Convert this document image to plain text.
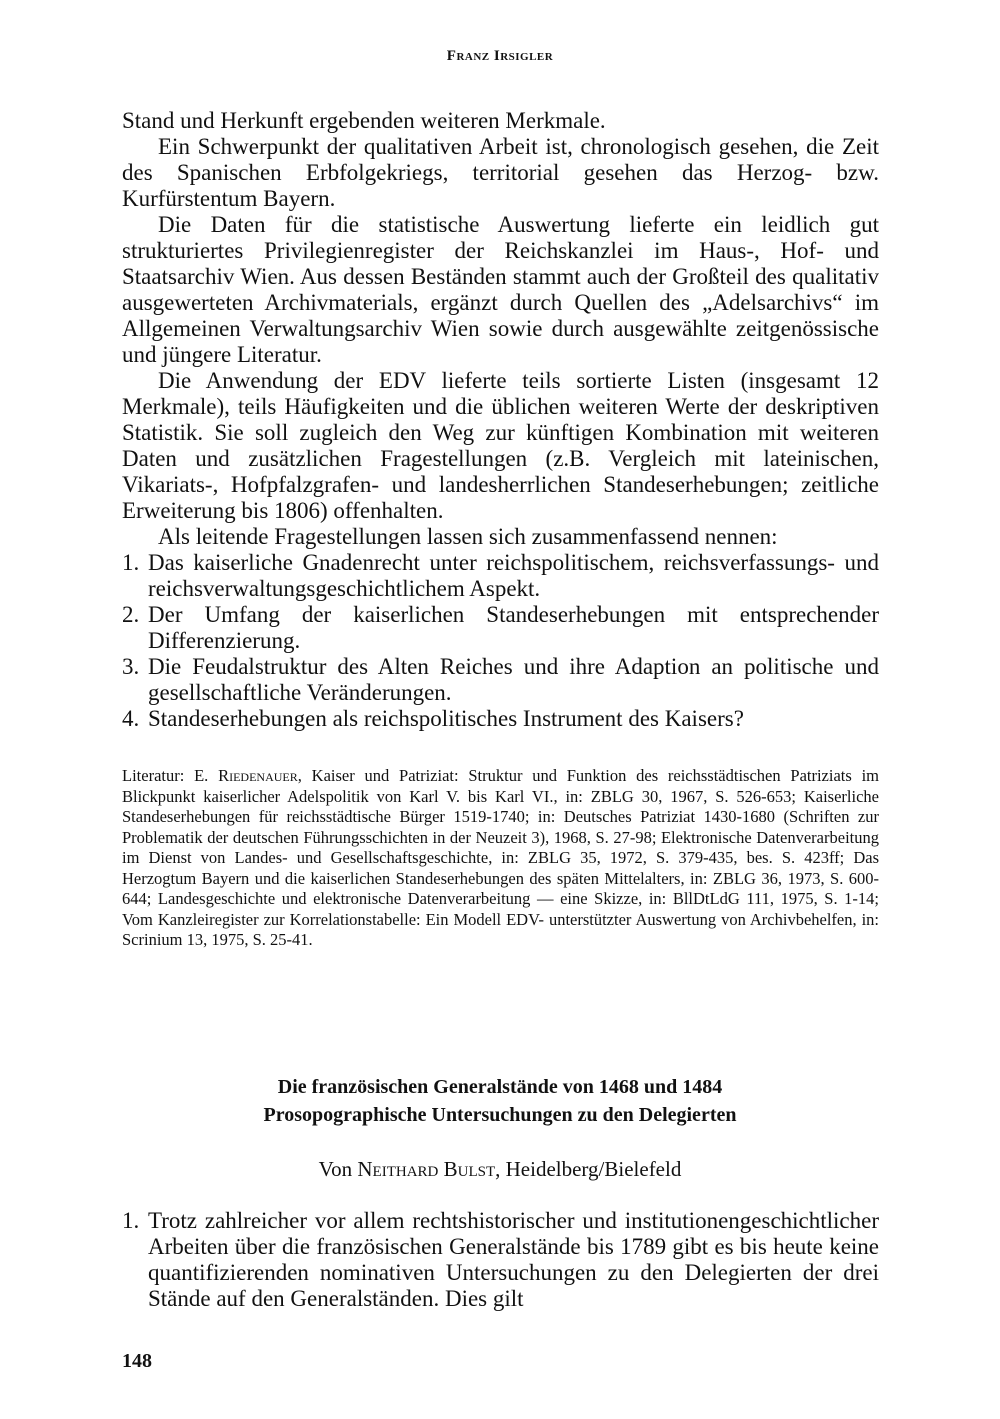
Franz Irsigler

Stand und Herkunft ergebenden weiteren Merkmale.

Ein Schwerpunkt der qualitativen Arbeit ist, chronologisch gesehen, die Zeit des Spanischen Erbfolgekriegs, territorial gesehen das Herzog- bzw. Kurfürstentum Bayern.

Die Daten für die statistische Auswertung lieferte ein leidlich gut strukturiertes Privilegienregister der Reichskanzlei im Haus-, Hof- und Staatsarchiv Wien. Aus dessen Beständen stammt auch der Großteil des qualitativ ausgewerteten Archivmaterials, ergänzt durch Quellen des „Adelsarchivs“ im Allgemeinen Verwaltungsarchiv Wien sowie durch ausgewählte zeitgenössische und jüngere Literatur.

Die Anwendung der EDV lieferte teils sortierte Listen (insgesamt 12 Merkmale), teils Häufigkeiten und die üblichen weiteren Werte der deskriptiven Statistik. Sie soll zugleich den Weg zur künftigen Kombination mit weiteren Daten und zusätzlichen Fragestellungen (z.B. Vergleich mit lateinischen, Vikariats-, Hofpfalzgrafen- und landesherrlichen Standeserhebungen; zeitliche Erweiterung bis 1806) offenhalten.

Als leitende Fragestellungen lassen sich zusammenfassend nennen:

1. Das kaiserliche Gnadenrecht unter reichspolitischem, reichsverfassungs- und reichsverwaltungsgeschichtlichem Aspekt.
2. Der Umfang der kaiserlichen Standeserhebungen mit entsprechender Differenzierung.
3. Die Feudalstruktur des Alten Reiches und ihre Adaption an politische und gesellschaftliche Veränderungen.
4. Standeserhebungen als reichspolitisches Instrument des Kaisers?

Literatur: E. Riedenauer, Kaiser und Patriziat: Struktur und Funktion des reichsstädtischen Patriziats im Blickpunkt kaiserlicher Adelspolitik von Karl V. bis Karl VI., in: ZBLG 30, 1967, S. 526-653; Kaiserliche Standeserhebungen für reichsstädtische Bürger 1519-1740; in: Deutsches Patriziat 1430-1680 (Schriften zur Problematik der deutschen Führungsschichten in der Neuzeit 3), 1968, S. 27-98; Elektronische Datenverarbeitung im Dienst von Landes- und Gesellschaftsgeschichte, in: ZBLG 35, 1972, S. 379-435, bes. S. 423ff; Das Herzogtum Bayern und die kaiserlichen Standeserhebungen des späten Mittelalters, in: ZBLG 36, 1973, S. 600-644; Landesgeschichte und elektronische Datenverarbeitung — eine Skizze, in: BllDtLdG 111, 1975, S. 1-14; Vom Kanzleiregister zur Korrelationstabelle: Ein Modell EDV- unterstützter Auswertung von Archivbehelfen, in: Scrinium 13, 1975, S. 25-41.

Die französischen Generalstände von 1468 und 1484
Prosopographische Untersuchungen zu den Delegierten
Von Neithard Bulst, Heidelberg/Bielefeld
1. Trotz zahlreicher vor allem rechtshistorischer und institutionengeschichtlicher Arbeiten über die französischen Generalstände bis 1789 gibt es bis heute keine quantifizierenden nominativen Untersuchungen zu den Delegierten der drei Stände auf den Generalständen. Dies gilt
148
